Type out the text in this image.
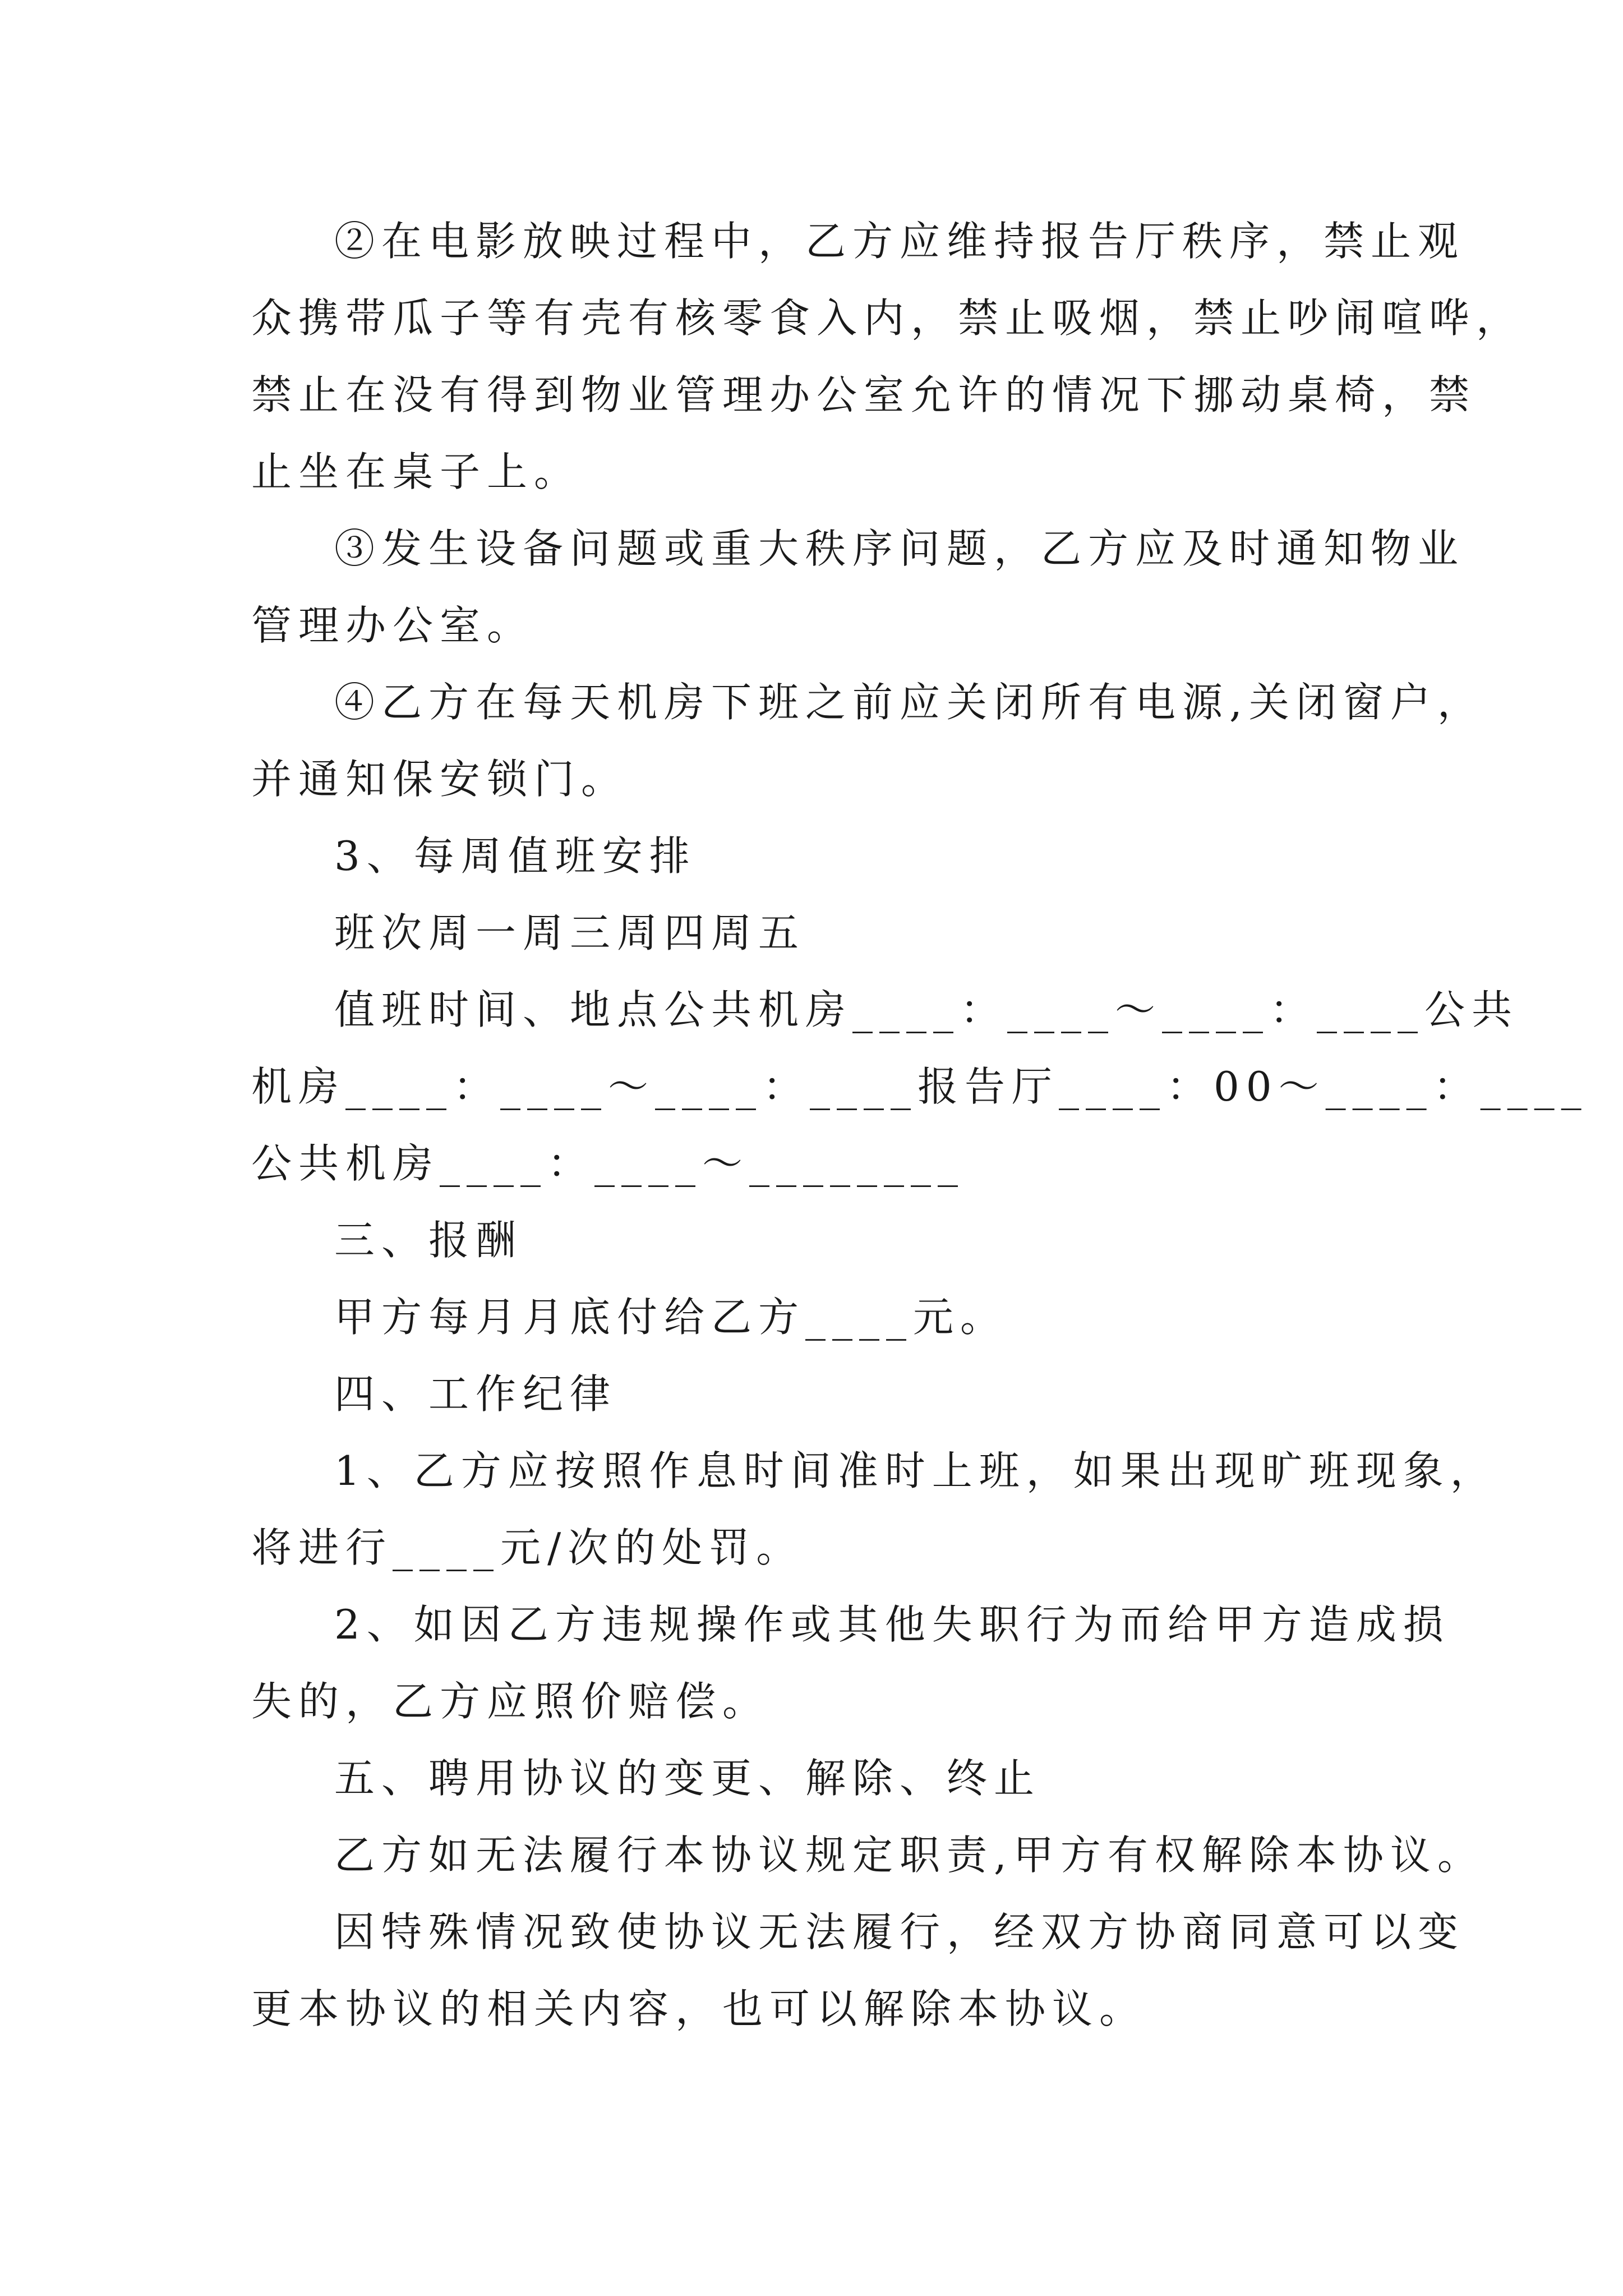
②在电影放映过程中，乙方应维持报告厅秩序，禁止观
众携带瓜子等有壳有核零食入内，禁止吸烟，禁止吵闹喧哗，
禁止在没有得到物业管理办公室允许的情况下挪动桌椅，禁
止坐在桌子上。
③发生设备问题或重大秩序问题，乙方应及时通知物业
管理办公室。
④乙方在每天机房下班之前应关闭所有电源,关闭窗户，
并通知保安锁门。
3、每周值班安排
班次周一周三周四周五
值班时间、地点公共机房____：____～____：____公共
机房____：____～____：____报告厅____：00～____：____
公共机房____：____～________
三、报酬
甲方每月月底付给乙方____元。
四、工作纪律
1、乙方应按照作息时间准时上班，如果出现旷班现象，
将进行____元/次的处罚。
2、如因乙方违规操作或其他失职行为而给甲方造成损
失的，乙方应照价赔偿。
五、聘用协议的变更、解除、终止
乙方如无法履行本协议规定职责,甲方有权解除本协议。
因特殊情况致使协议无法履行，经双方协商同意可以变
更本协议的相关内容，也可以解除本协议。
